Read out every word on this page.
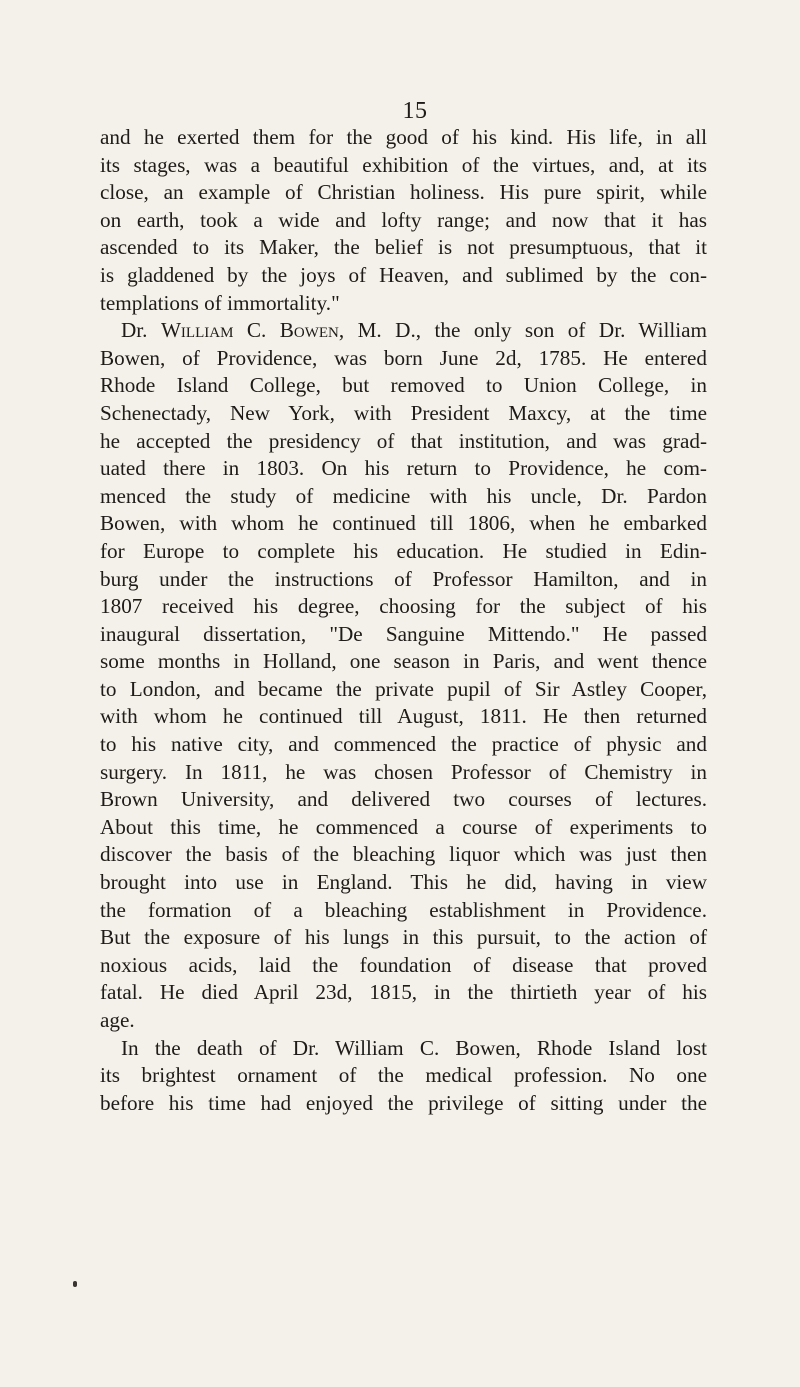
15
and he exerted them for the good of his kind. His life, in all
its stages, was a beautiful exhibition of the virtues, and, at its
close, an example of Christian holiness. His pure spirit, while
on earth, took a wide and lofty range; and now that it has
ascended to its Maker, the belief is not presumptuous, that it
is gladdened by the joys of Heaven, and sublimed by the con-
templations of immortality."
Dr. William C. Bowen, M. D., the only son of Dr. William
Bowen, of Providence, was born June 2d, 1785. He entered
Rhode Island College, but removed to Union College, in
Schenectady, New York, with President Maxcy, at the time
he accepted the presidency of that institution, and was grad-
uated there in 1803. On his return to Providence, he com-
menced the study of medicine with his uncle, Dr. Pardon
Bowen, with whom he continued till 1806, when he embarked
for Europe to complete his education. He studied in Edin-
burg under the instructions of Professor Hamilton, and in
1807 received his degree, choosing for the subject of his
inaugural dissertation, "De Sanguine Mittendo." He passed
some months in Holland, one season in Paris, and went thence
to London, and became the private pupil of Sir Astley Cooper,
with whom he continued till August, 1811. He then returned
to his native city, and commenced the practice of physic and
surgery. In 1811, he was chosen Professor of Chemistry in
Brown University, and delivered two courses of lectures.
About this time, he commenced a course of experiments to
discover the basis of the bleaching liquor which was just then
brought into use in England. This he did, having in view
the formation of a bleaching establishment in Providence.
But the exposure of his lungs in this pursuit, to the action of
noxious acids, laid the foundation of disease that proved
fatal. He died April 23d, 1815, in the thirtieth year of his
age.
In the death of Dr. William C. Bowen, Rhode Island lost
its brightest ornament of the medical profession. No one
before his time had enjoyed the privilege of sitting under the
